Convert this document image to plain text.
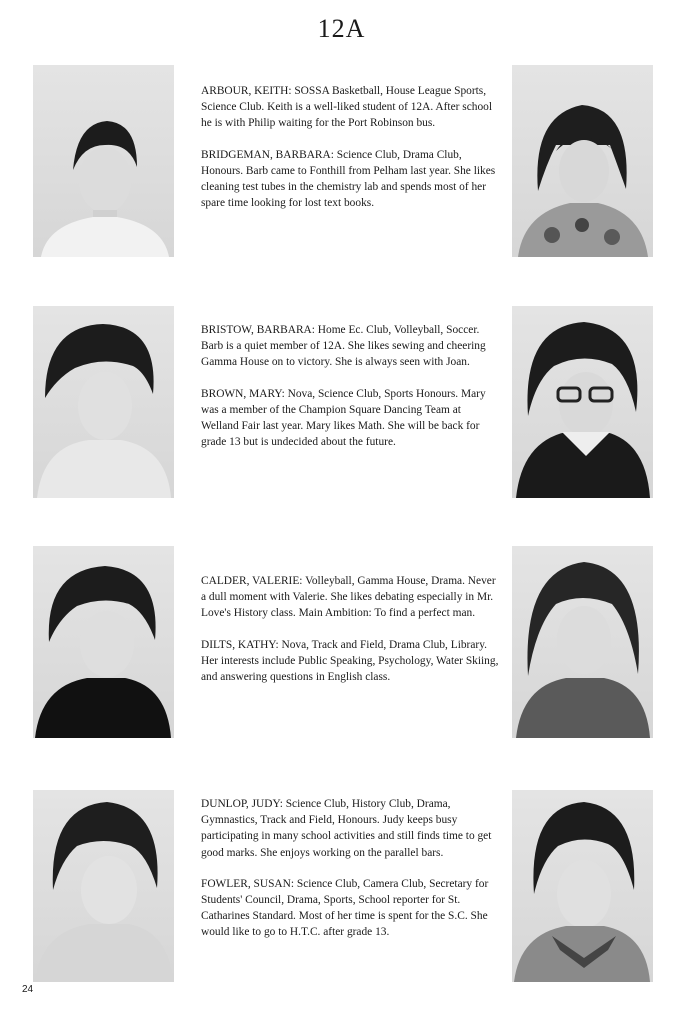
12A

ARBOUR, KEITH: SOSSA Basketball, House League Sports, Science Club. Keith is a well-liked student of 12A. After school he is with Philip waiting for the Port Robinson bus.

BRIDGEMAN, BARBARA: Science Club, Drama Club, Honours. Barb came to Fonthill from Pelham last year. She likes cleaning test tubes in the chemistry lab and spends most of her spare time looking for lost text books.

BRISTOW, BARBARA: Home Ec. Club, Volleyball, Soccer. Barb is a quiet member of 12A. She likes sewing and cheering Gamma House on to victory. She is always seen with Joan.

BROWN, MARY: Nova, Science Club, Sports Honours. Mary was a member of the Champion Square Dancing Team at Welland Fair last year. Mary likes Math. She will be back for grade 13 but is undecided about the future.

CALDER, VALERIE: Volleyball, Gamma House, Drama. Never a dull moment with Valerie. She likes debating especially in Mr. Love's History class. Main Ambition: To find a perfect man.

DILTS, KATHY: Nova, Track and Field, Drama Club, Library. Her interests include Public Speaking, Psychology, Water Skiing, and answering questions in English class.

DUNLOP, JUDY: Science Club, History Club, Drama, Gymnastics, Track and Field, Honours. Judy keeps busy participating in many school activities and still finds time to get good marks. She enjoys working on the parallel bars.

FOWLER, SUSAN: Science Club, Camera Club, Secretary for Students' Council, Drama, Sports, School reporter for St. Catharines Standard. Most of her time is spent for the S.C. She would like to go to H.T.C. after grade 13.

24
